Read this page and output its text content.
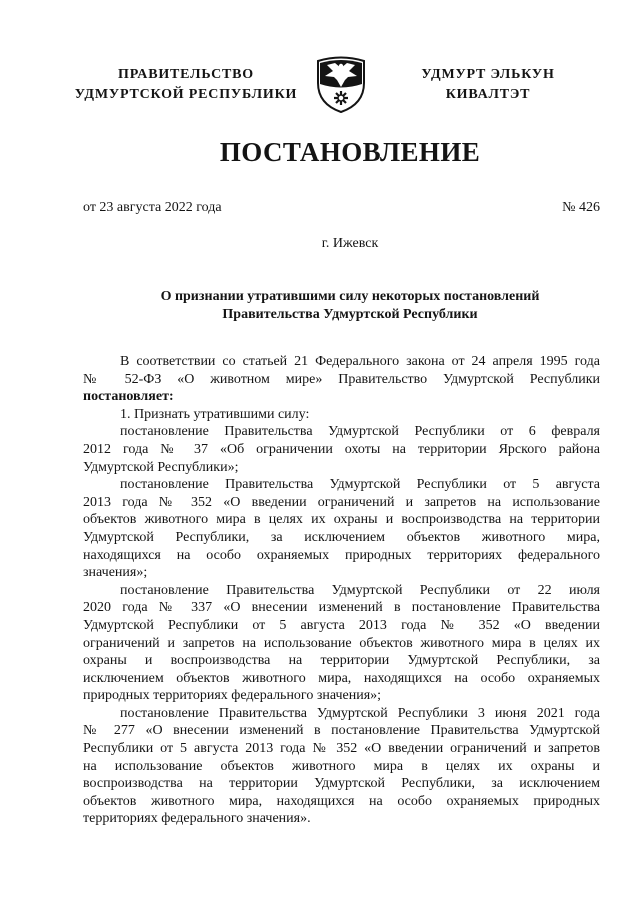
ПРАВИТЕЛЬСТВО
УДМУРТСКОЙ РЕСПУБЛИКИ
УДМУРТ ЭЛЬКУН
КИВАЛТЭТ
ПОСТАНОВЛЕНИЕ
от 23 августа 2022 года	№ 426
г. Ижевск
О признании утратившими силу некоторых постановлений
Правительства Удмуртской Республики
В соответствии со статьей 21 Федерального закона от 24 апреля 1995 года
№ 52-ФЗ «О животном мире» Правительство Удмуртской Республики
постановляет:
1. Признать утратившими силу:
постановление Правительства Удмуртской Республики от 6 февраля
2012 года № 37 «Об ограничении охоты на территории Ярского района
Удмуртской Республики»;
постановление Правительства Удмуртской Республики от 5 августа
2013 года № 352 «О введении ограничений и запретов на использование
объектов животного мира в целях их охраны и воспроизводства на территории
Удмуртской Республики, за исключением объектов животного мира,
находящихся на особо охраняемых природных территориях федерального
значения»;
постановление Правительства Удмуртской Республики от 22 июля
2020 года № 337 «О внесении изменений в постановление Правительства
Удмуртской Республики от 5 августа 2013 года № 352 «О введении
ограничений и запретов на использование объектов животного мира в целях их
охраны и воспроизводства на территории Удмуртской Республики, за
исключением объектов животного мира, находящихся на особо охраняемых
природных территориях федерального значения»;
постановление Правительства Удмуртской Республики 3 июня 2021 года
№ 277 «О внесении изменений в постановление Правительства Удмуртской
Республики от 5 августа 2013 года № 352 «О введении ограничений и запретов
на использование объектов животного мира в целях их охраны и
воспроизводства на территории Удмуртской Республики, за исключением
объектов животного мира, находящихся на особо охраняемых природных
территориях федерального значения».
